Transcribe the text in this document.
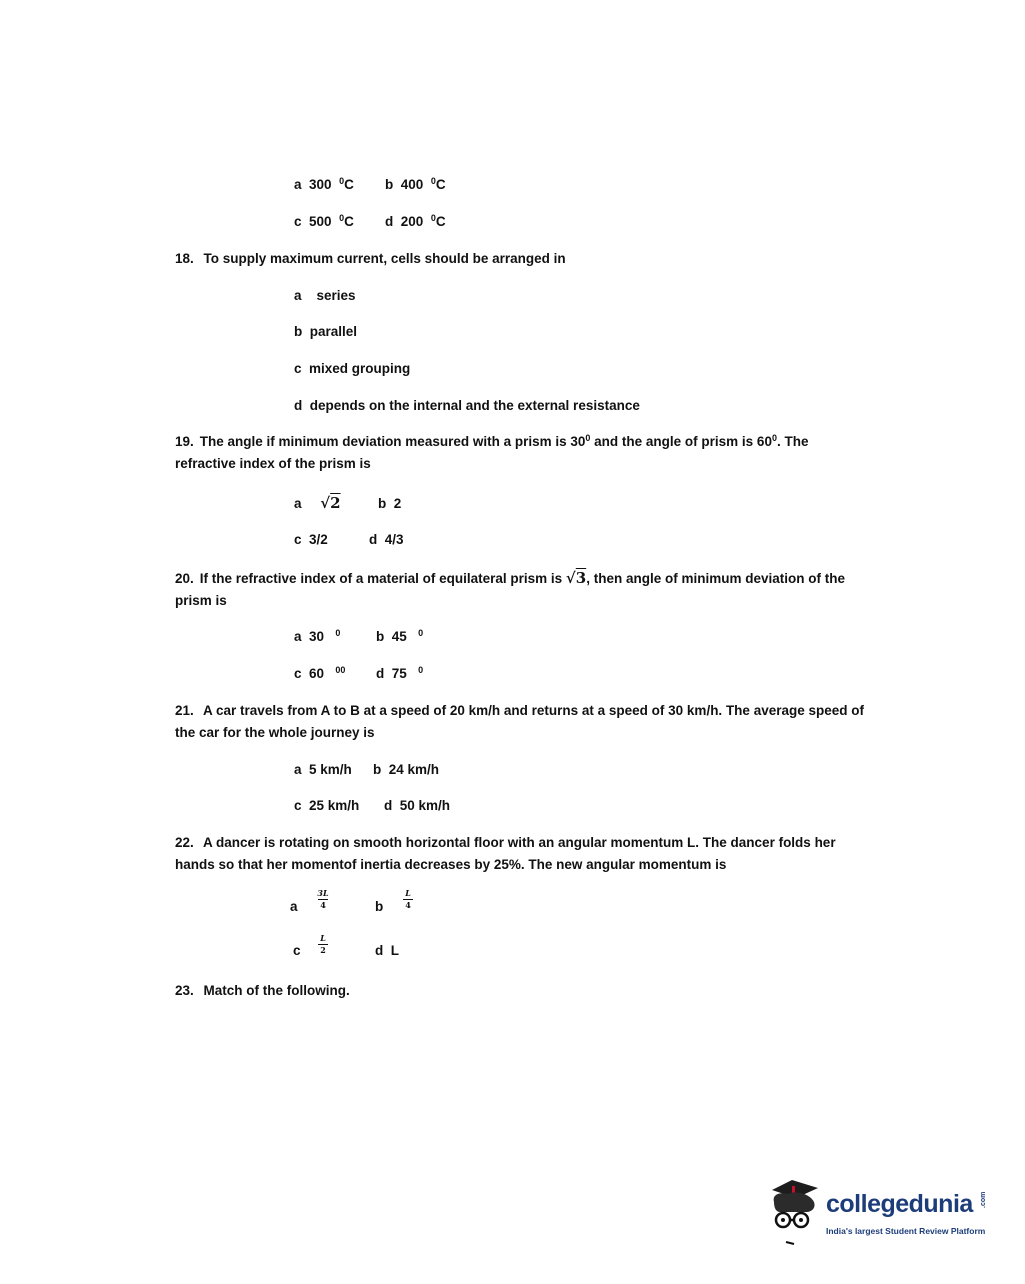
a 300 $^0$C b 400 $^0$C
c 500 $^0$C d 200 $^0$C
18. To supply maximum current, cells should be arranged in
a series
b parallel
c mixed grouping
d depends on the internal and the external resistance
19. The angle if minimum deviation measured with a prism is $30^0$ and the angle of prism is $60^0$. The refractive index of the prism is
a √2	b 2
c 3/2	d 4/3
20. If the refractive index of a material of equilateral prism is √3, then angle of minimum deviation of the prism is
a 30 $^0$	b 45 $^0$
c 60 $^{00}$ d 75 $^0$
21. A car travels from A to B at a speed of 20 km/h and returns at a speed of 30 km/h. The average speed of the car for the whole journey is
a 5 km/h b 24 km/h
c 25 km/h d 50 km/h
22. A dancer is rotating on smooth horizontal floor with an angular momentum L. The dancer folds her hands so that her momentof inertia decreases by 25%. The new angular momentum is
a
3L
4	b
L
4
c
L
2	d L
23. Match of the following.
collegedunia .com
India's largest Student Review Platform
